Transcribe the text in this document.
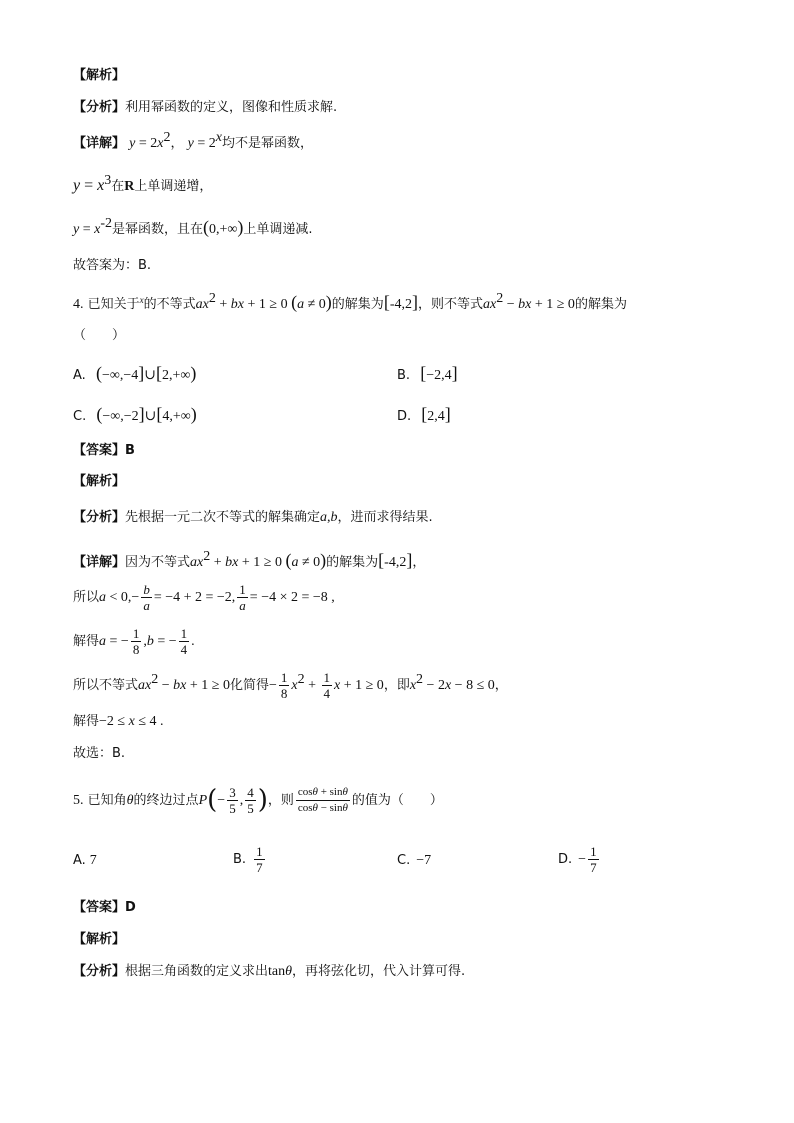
【解析】
【分析】利用幂函数的定义，图像和性质求解.
【详解】 $y = 2x^2$， $y = 2^x$均不是幂函数，
$y = x^3$在R上单调递增，
$y = x^{-2}$是幂函数，且在(0,+∞)上单调递减.
故答案为：B.
4. 已知关于$^x$的不等式$ax^2$ + bx + 1 ≥ 0 (a ≠ 0)的解集为[-4,2]，则不等式$ax^2$ − bx + 1 ≥ 0的解集为
（　　）
A. (−∞,−4]∪[2,+∞)	B. [−2,4]
C. (−∞,−2]∪[4,+∞)	D. [2,4]
【答案】B
【解析】
【分析】先根据一元二次不等式的解集确定a,b，进而求得结果.
【详解】因为不等式$ax^2$ + bx + 1 ≥ 0 (a ≠ 0)的解集为[-4,2]，
所以$a < 0,- \frac{b}{a} = -4 + 2 = -2$, $\frac{1}{a} = -4 \times 2 = -8$ ,
解得a = − $\frac{1}{8} ,b$ = − $\frac{1}{4}$ .
所以不等式$ax^2$ − bx + 1 ≥ 0化简得− $\frac{1}{8} x^2 + \frac{1}{4}$ x + 1 ≥ 0，即$x^2 - 2x - 8 \le 0$，
解得−2 ≤ x ≤ 4 .
故选：B.
5. 已知角θ的终边过点$P(- \frac{3}{5}$ , $\frac{4}{5}$ )，则 $\frac{\cos\theta + \sin\theta}{\cos\theta - \sin\theta}$ 的值为（　　）
A. 7	B. $\frac{1}{7}$	C. −7	D. − $\frac{1}{7}$
【答案】D
【解析】
【分析】根据三角函数的定义求出tanθ，再将弦化切，代入计算可得.
